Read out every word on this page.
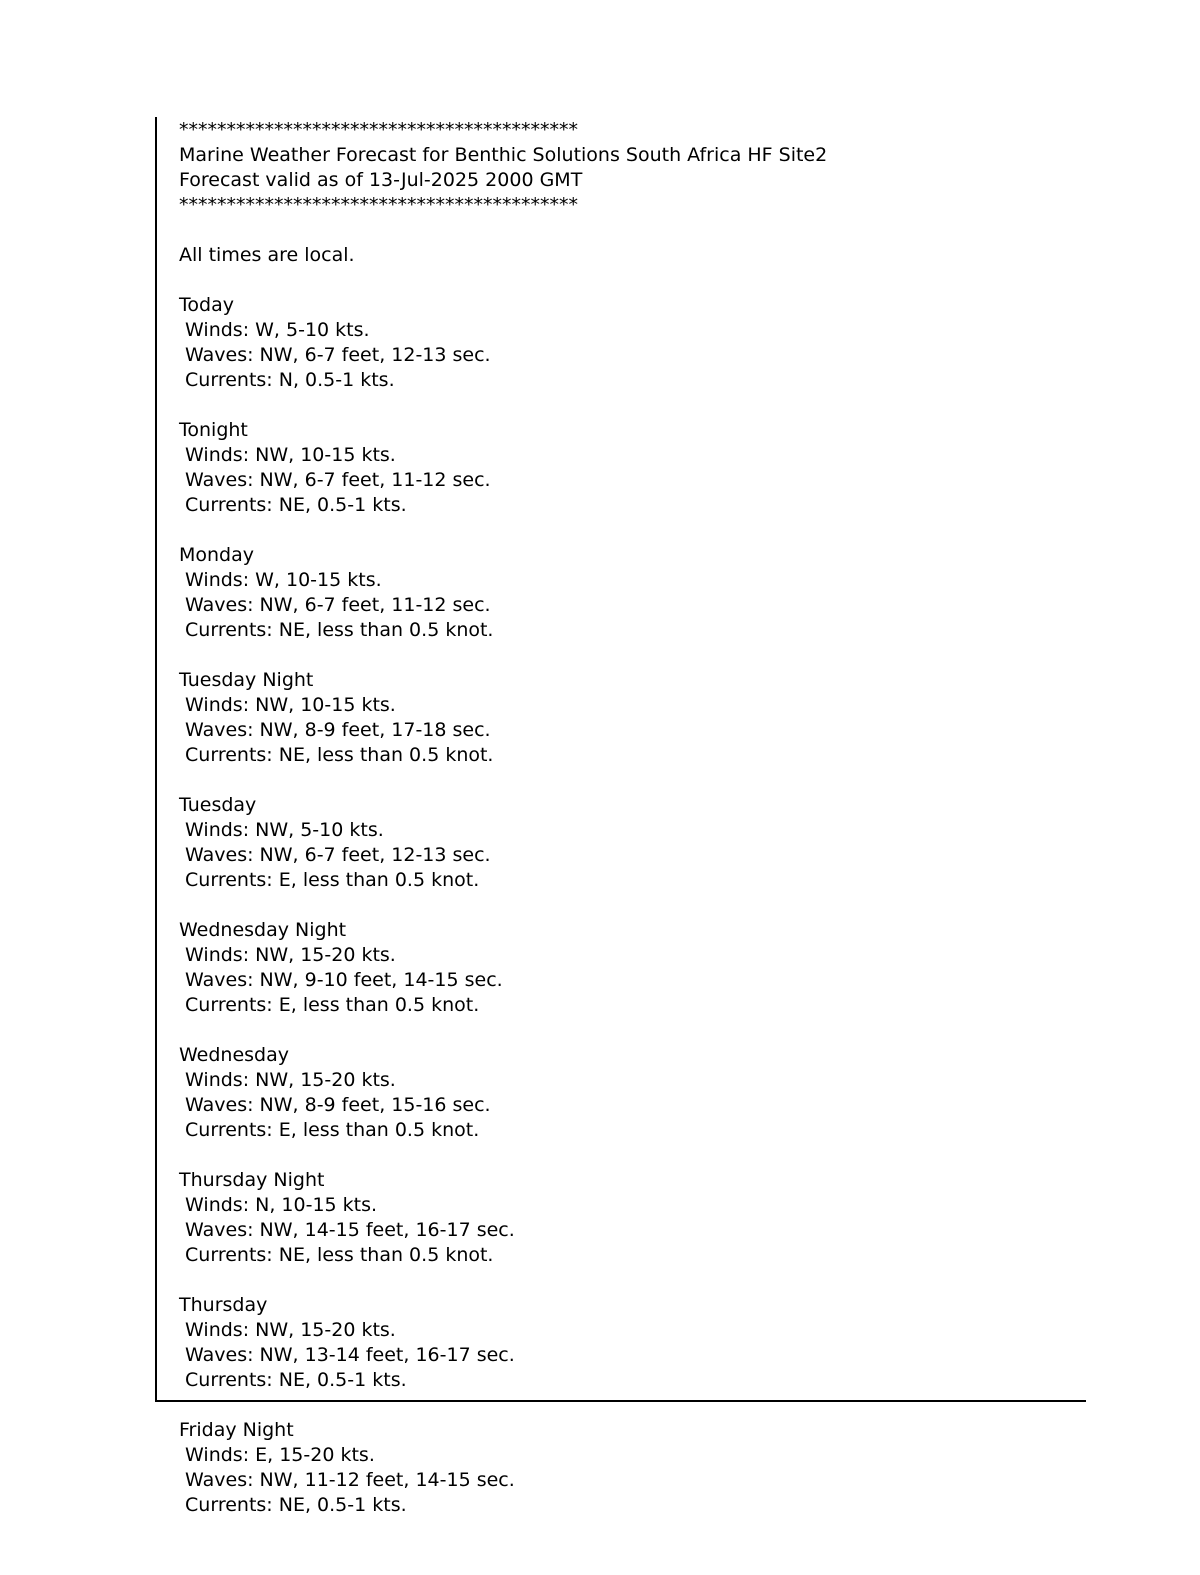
******************************************
Marine Weather Forecast for Benthic Solutions South Africa HF Site2
Forecast valid as of 13-Jul-2025 2000 GMT
******************************************
All times are local.
Today
Winds: W, 5-10 kts.
Waves: NW, 6-7 feet, 12-13 sec.
Currents: N, 0.5-1 kts.
Tonight
Winds: NW, 10-15 kts.
Waves: NW, 6-7 feet, 11-12 sec.
Currents: NE, 0.5-1 kts.
Monday
Winds: W, 10-15 kts.
Waves: NW, 6-7 feet, 11-12 sec.
Currents: NE, less than 0.5 knot.
Tuesday Night
Winds: NW, 10-15 kts.
Waves: NW, 8-9 feet, 17-18 sec.
Currents: NE, less than 0.5 knot.
Tuesday
Winds: NW, 5-10 kts.
Waves: NW, 6-7 feet, 12-13 sec.
Currents: E, less than 0.5 knot.
Wednesday Night
Winds: NW, 15-20 kts.
Waves: NW, 9-10 feet, 14-15 sec.
Currents: E, less than 0.5 knot.
Wednesday
Winds: NW, 15-20 kts.
Waves: NW, 8-9 feet, 15-16 sec.
Currents: E, less than 0.5 knot.
Thursday Night
Winds: N, 10-15 kts.
Waves: NW, 14-15 feet, 16-17 sec.
Currents: NE, less than 0.5 knot.
Thursday
Winds: NW, 15-20 kts.
Waves: NW, 13-14 feet, 16-17 sec.
Currents: NE, 0.5-1 kts.
Friday Night
Winds: E, 15-20 kts.
Waves: NW, 11-12 feet, 14-15 sec.
Currents: NE, 0.5-1 kts.
